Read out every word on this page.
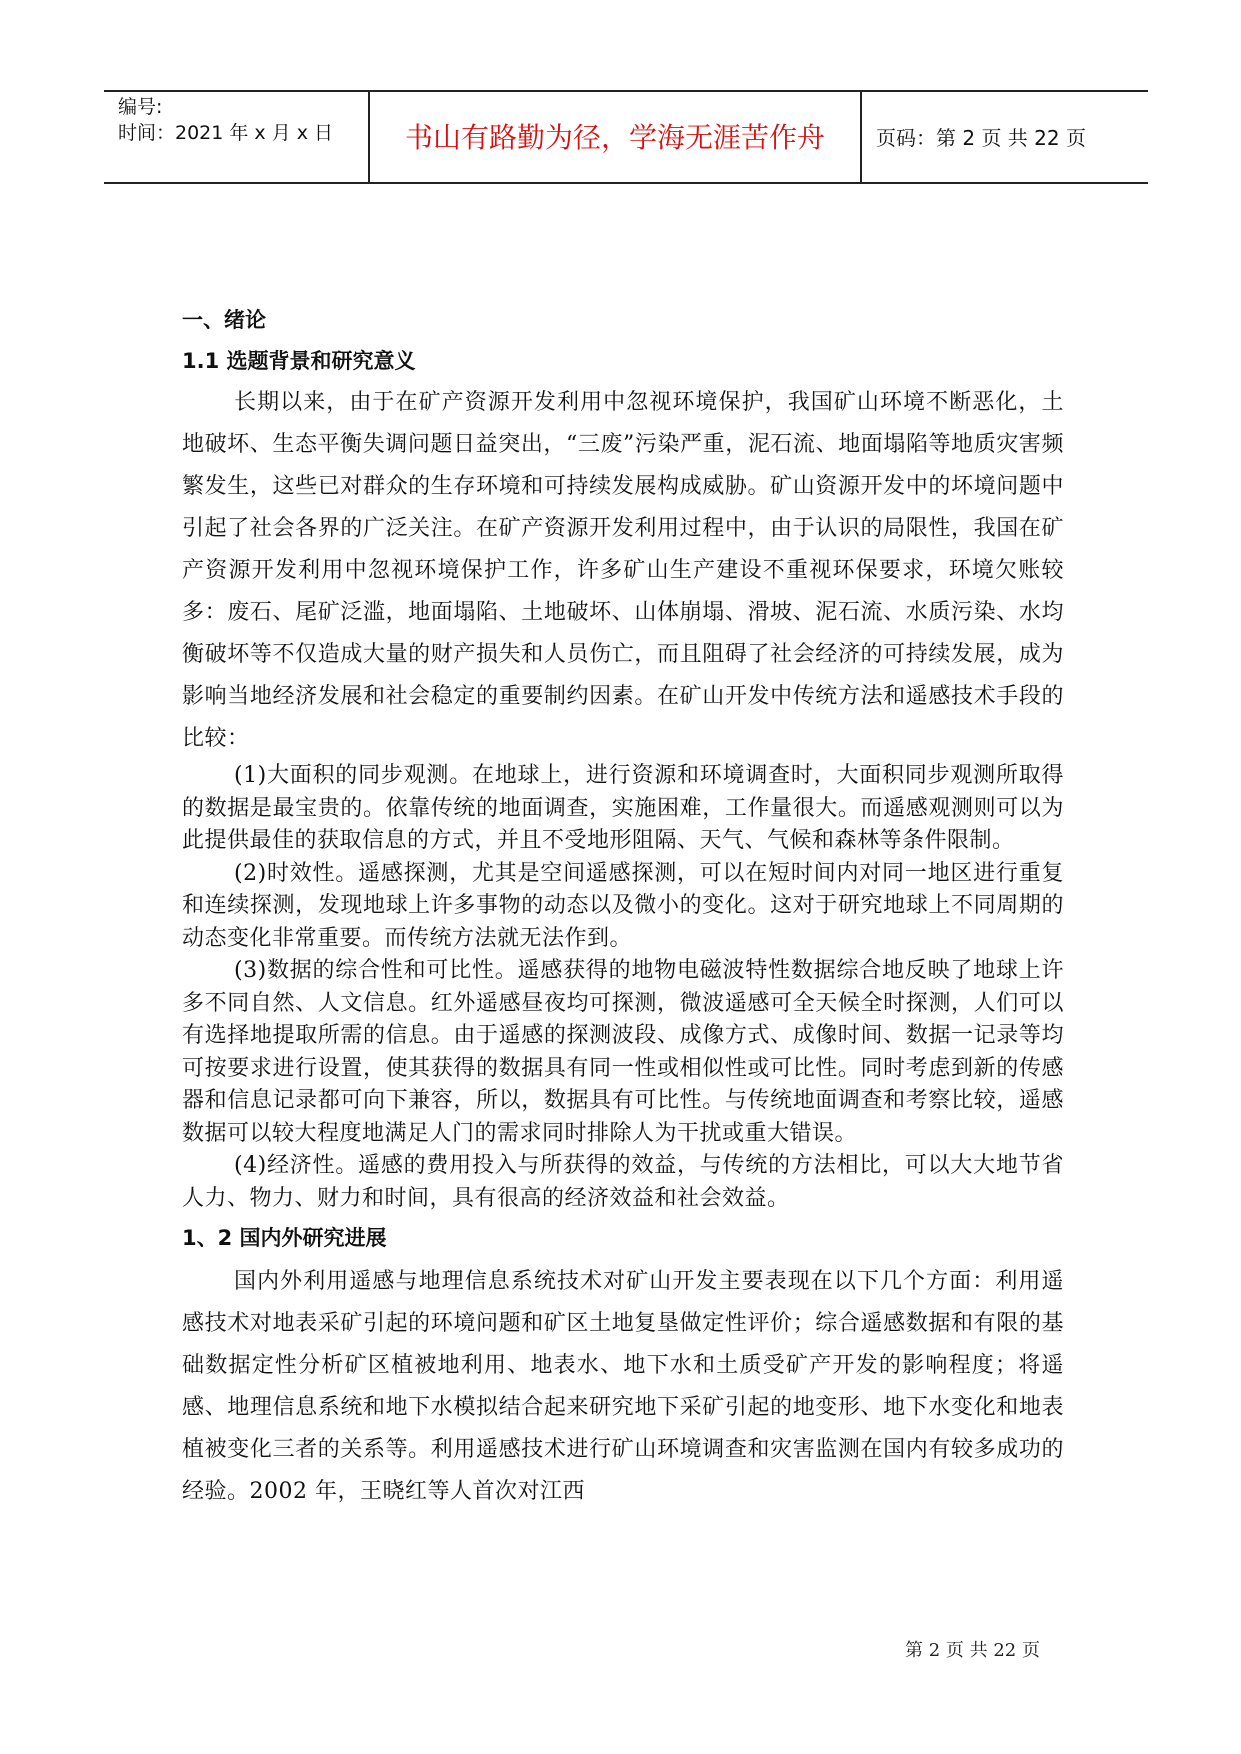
编号:
时间：2021 年 x 月 x 日	书山有路勤为径，学海无涯苦作舟	页码：第 2 页 共 22 页
一、绪论
1.1 选题背景和研究意义
长期以来，由于在矿产资源开发利用中忽视环境保护，我国矿山环境不断恶化，土地破坏、生态平衡失调问题日益突出，“三废”污染严重，泥石流、地面塌陷等地质灾害频繁发生，这些已对群众的生存环境和可持续发展构成威胁。矿山资源开发中的坏境问题中引起了社会各界的广泛关注。在矿产资源开发利用过程中，由于认识的局限性，我国在矿产资源开发利用中忽视环境保护工作，许多矿山生产建设不重视环保要求，环境欠账较多：废石、尾矿泛滥，地面塌陷、土地破坏、山体崩塌、滑坡、泥石流、水质污染、水均衡破坏等不仅造成大量的财产损失和人员伤亡，而且阻碍了社会经济的可持续发展，成为影响当地经济发展和社会稳定的重要制约因素。在矿山开发中传统方法和遥感技术手段的比较：
(1)大面积的同步观测。在地球上，进行资源和环境调查时，大面积同步观测所取得的数据是最宝贵的。依靠传统的地面调查，实施困难，工作量很大。而遥感观测则可以为此提供最佳的获取信息的方式，并且不受地形阻隔、天气、气候和森林等条件限制。
(2)时效性。遥感探测，尤其是空间遥感探测，可以在短时间内对同一地区进行重复和连续探测，发现地球上许多事物的动态以及微小的变化。这对于研究地球上不同周期的动态变化非常重要。而传统方法就无法作到。
(3)数据的综合性和可比性。遥感获得的地物电磁波特性数据综合地反映了地球上许多不同自然、人文信息。红外遥感昼夜均可探测，微波遥感可全天候全时探测，人们可以有选择地提取所需的信息。由于遥感的探测波段、成像方式、成像时间、数据一记录等均可按要求进行设置，使其获得的数据具有同一性或相似性或可比性。同时考虑到新的传感器和信息记录都可向下兼容，所以，数据具有可比性。与传统地面调查和考察比较，遥感数据可以较大程度地满足人门的需求同时排除人为干扰或重大错误。
(4)经济性。遥感的费用投入与所获得的效益，与传统的方法相比，可以大大地节省人力、物力、财力和时间，具有很高的经济效益和社会效益。
1、2 国内外研究进展
国内外利用遥感与地理信息系统技术对矿山开发主要表现在以下几个方面：利用遥感技术对地表采矿引起的环境问题和矿区土地复垦做定性评价；综合遥感数据和有限的基础数据定性分析矿区植被地利用、地表水、地下水和土质受矿产开发的影响程度；将遥感、地理信息系统和地下水模拟结合起来研究地下采矿引起的地变形、地下水变化和地表植被变化三者的关系等。利用遥感技术进行矿山环境调查和灾害监测在国内有较多成功的经验。2002 年，王晓红等人首次对江西
第 2 页 共 22 页
